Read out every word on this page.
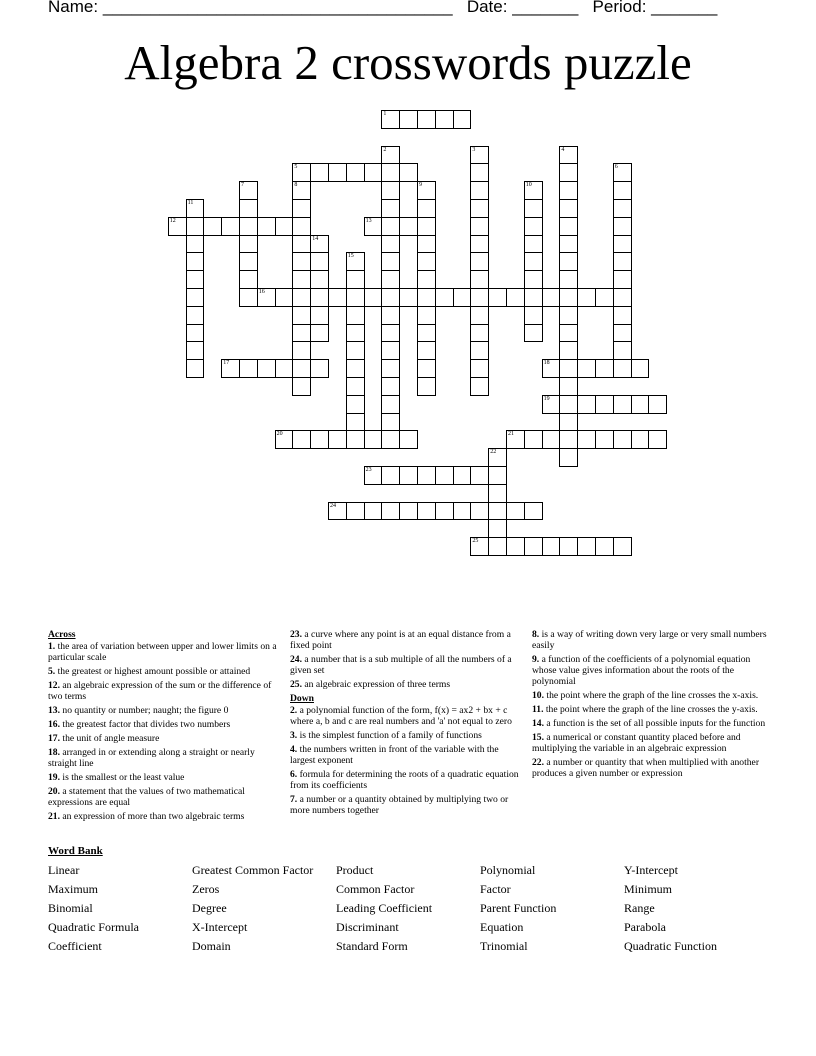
Name: _____________________________________ Date: _______ Period: _______
Algebra 2 crosswords puzzle
1
2	3	4
5	6
7	8	9	10
11
12	13
14
15
16
17	18
19
20	21
22
23
24
25
Across
1. the area of variation between upper and lower limits on a particular scale
5. the greatest or highest amount possible or attained
12. an algebraic expression of the sum or the difference of two terms
13. no quantity or number; naught; the figure 0
16. the greatest factor that divides two numbers
17. the unit of angle measure
18. arranged in or extending along a straight or nearly straight line
19. is the smallest or the least value
20. a statement that the values of two mathematical expressions are equal
21. an expression of more than two algebraic terms
23. a curve where any point is at an equal distance from a fixed point
24. a number that is a sub multiple of all the numbers of a given set
25. an algebraic expression of three terms
Down
2. a polynomial function of the form, f(x) = ax2 + bx + c where a, b and c are real numbers and 'a' not equal to zero
3. is the simplest function of a family of functions
4. the numbers written in front of the variable with the largest exponent
6. formula for determining the roots of a quadratic equation from its coefficients
7. a number or a quantity obtained by multiplying two or more numbers together
8. is a way of writing down very large or very small numbers easily
9. a function of the coefficients of a polynomial equation whose value gives information about the roots of the polynomial
10. the point where the graph of the line crosses the x-axis.
11. the point where the graph of the line crosses the y-axis.
14. a function is the set of all possible inputs for the function
15. a numerical or constant quantity placed before and multiplying the variable in an algebraic expression
22. a number or quantity that when multiplied with another produces a given number or expression
Word Bank
Linear	Greatest Common Factor	Product	Polynomial	Y-Intercept
Maximum	Zeros	Common Factor	Factor	Minimum
Binomial	Degree	Leading Coefficient	Parent Function	Range
Quadratic Formula	X-Intercept	Discriminant	Equation	Parabola
Coefficient	Domain	Standard Form	Trinomial	Quadratic Function
